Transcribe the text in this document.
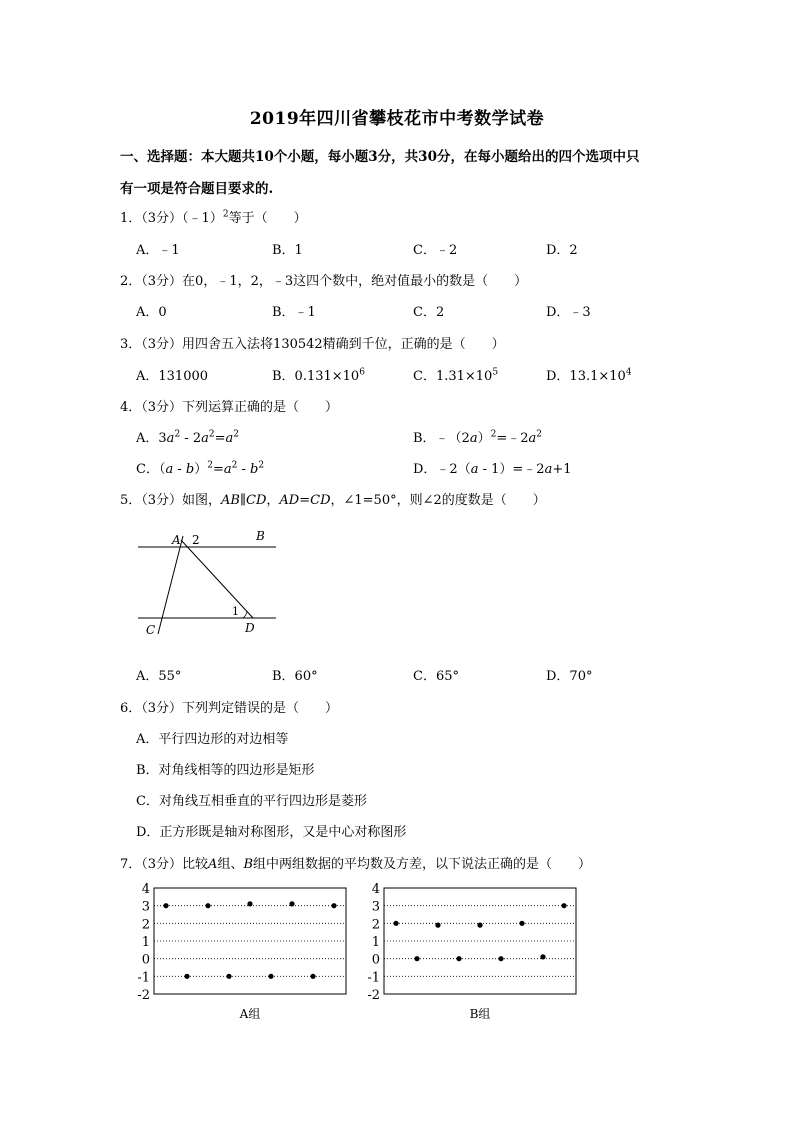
2019年四川省攀枝花市中考数学试卷
一、选择题：本大题共10个小题，每小题3分，共30分，在每小题给出的四个选项中只
有一项是符合题目要求的.
1．（3分）（﹣1）$^2$等于（　　）
A．﹣1	B．1	C．﹣2	D．2
2．（3分）在0，﹣1，2，﹣3这四个数中，绝对值最小的数是（　　）
A．0	B．﹣1	C．2	D．﹣3
3．（3分）用四舍五入法将130542精确到千位，正确的是（　　）
A．131000	B．$0.131\times 10^6$	C．$1.31\times 10^5$	D．$13.1\times 10^4$
4．（3分）下列运算正确的是（　　）
A．$3a^2 - 2a^2=a^2$	B．$﹣(2a)^2=﹣2a^2$
C．$(a - b)^2=a^2 - b^2$	D．﹣2（a - 1）=﹣2a+1
5．（3分）如图，AB∥CD，AD=CD，∠1=50°，则∠2的度数是（　　）
A 2	B
C
1
D
A．55°	B．60°	C．65°	D．70°
6．（3分）下列判定错误的是（　　）
A．平行四边形的对边相等
B．对角线相等的四边形是矩形
C．对角线互相垂直的平行四边形是菱形
D．正方形既是轴对称图形，又是中心对称图形
7．（3分）比较A组、B组中两组数据的平均数及方差，以下说法正确的是（　　）
4
3
2
1
0
-1
-2
A组
4
3
2
1
0
-1
-2
B组
